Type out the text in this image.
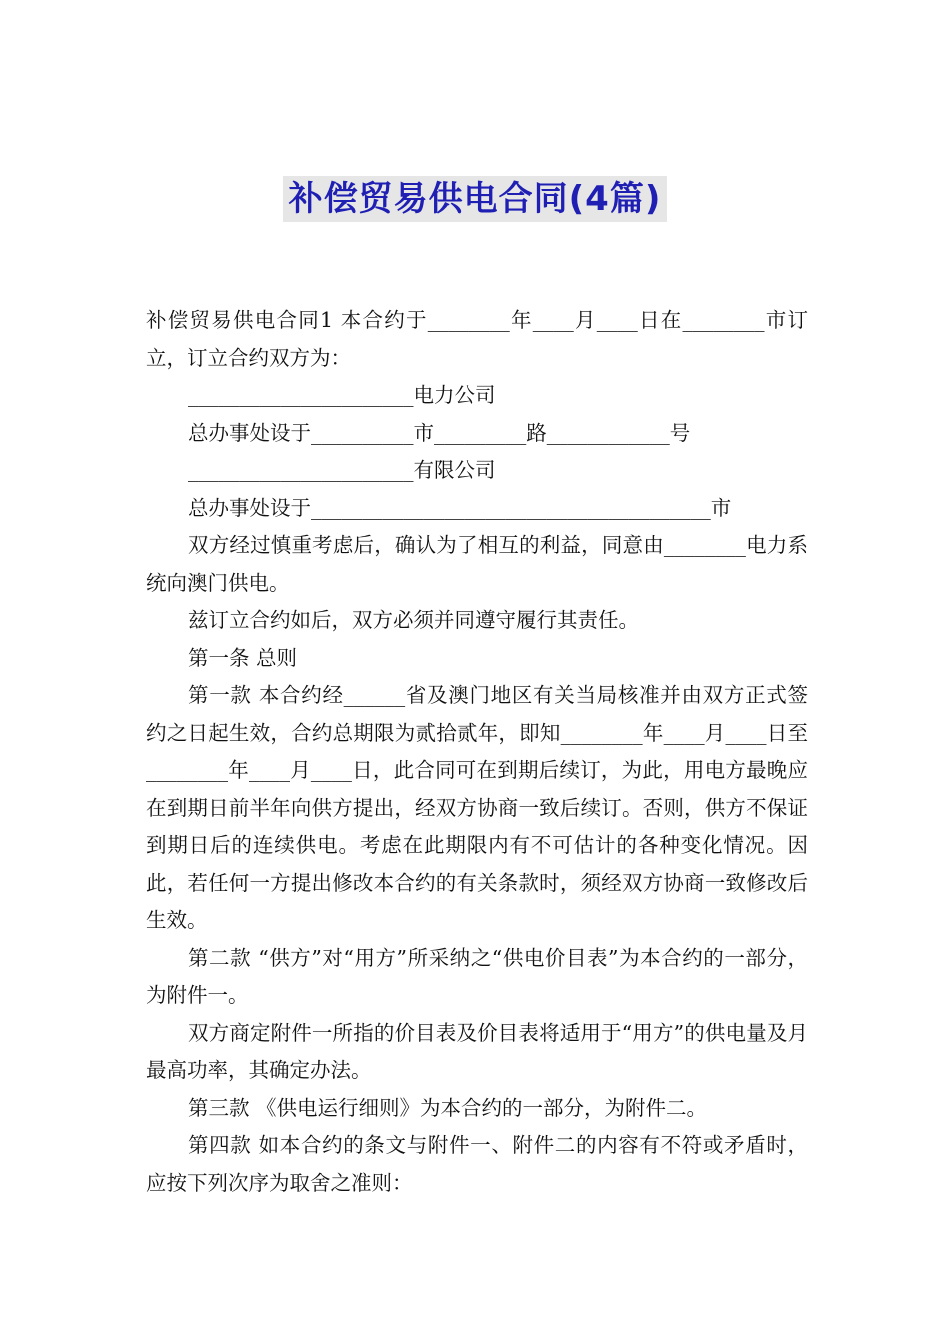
补偿贸易供电合同(4篇)

补偿贸易供电合同1 本合约于________年____月____日在________市订立，订立合约双方为：

______________________电力公司

总办事处设于__________市_________路____________号

______________________有限公司

总办事处设于_______________________________________市

双方经过慎重考虑后，确认为了相互的利益，同意由________电力系统向澳门供电。

兹订立合约如后，双方必须并同遵守履行其责任。

第一条 总则

第一款 本合约经______省及澳门地区有关当局核准并由双方正式签约之日起生效，合约总期限为贰拾贰年，即知________年____月____日至________年____月____日，此合同可在到期后续订，为此，用电方最晚应在到期日前半年向供方提出，经双方协商一致后续订。否则，供方不保证到期日后的连续供电。考虑在此期限内有不可估计的各种变化情况。因此，若任何一方提出修改本合约的有关条款时，须经双方协商一致修改后生效。

第二款 “供方”对“用方”所采纳之“供电价目表”为本合约的一部分，为附件一。

双方商定附件一所指的价目表及价目表将适用于“用方”的供电量及月最高功率，其确定办法。

第三款 《供电运行细则》为本合约的一部分，为附件二。

第四款 如本合约的条文与附件一、附件二的内容有不符或矛盾时，应按下列次序为取舍之准则：
